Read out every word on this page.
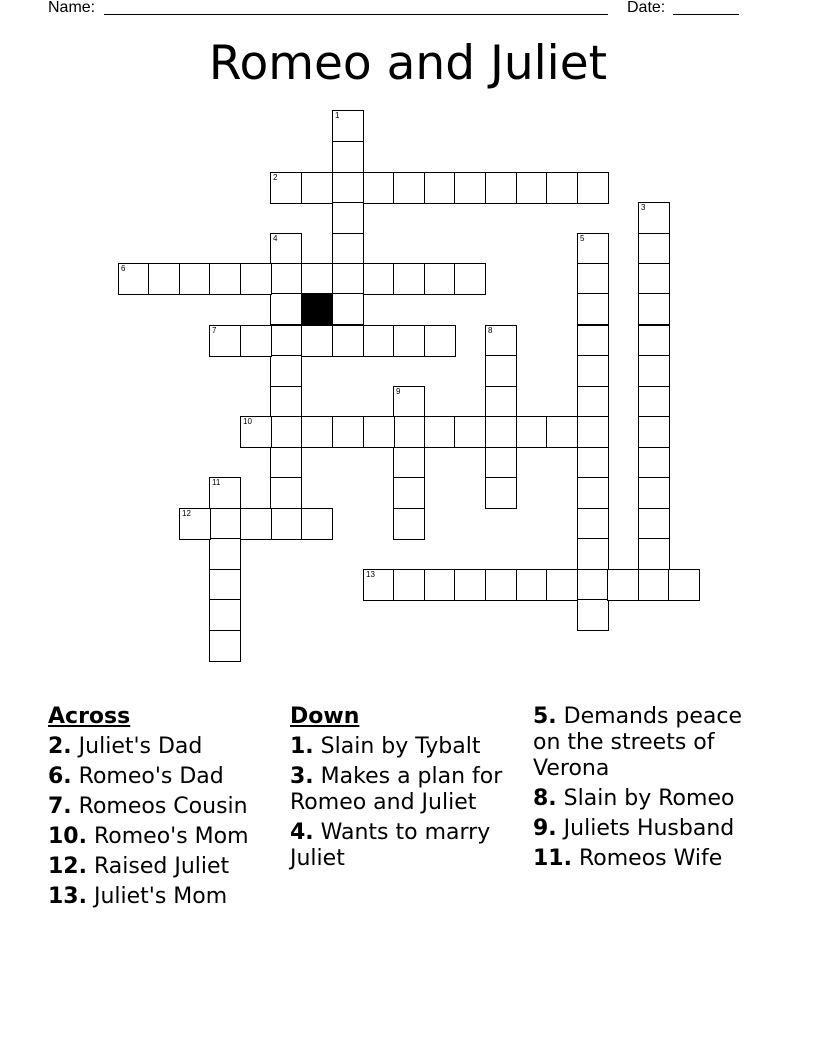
Name:	Date:
Romeo and Juliet
1
2
3
4	5
6
7	8
9
10
11
12
13
Across
2. Juliet's Dad
6. Romeo's Dad
7. Romeos Cousin
10. Romeo's Mom
12. Raised Juliet
13. Juliet's Mom
Down
1. Slain by Tybalt
3. Makes a plan for Romeo and Juliet
4. Wants to marry Juliet
5. Demands peace on the streets of Verona
8. Slain by Romeo
9. Juliets Husband
11. Romeos Wife
